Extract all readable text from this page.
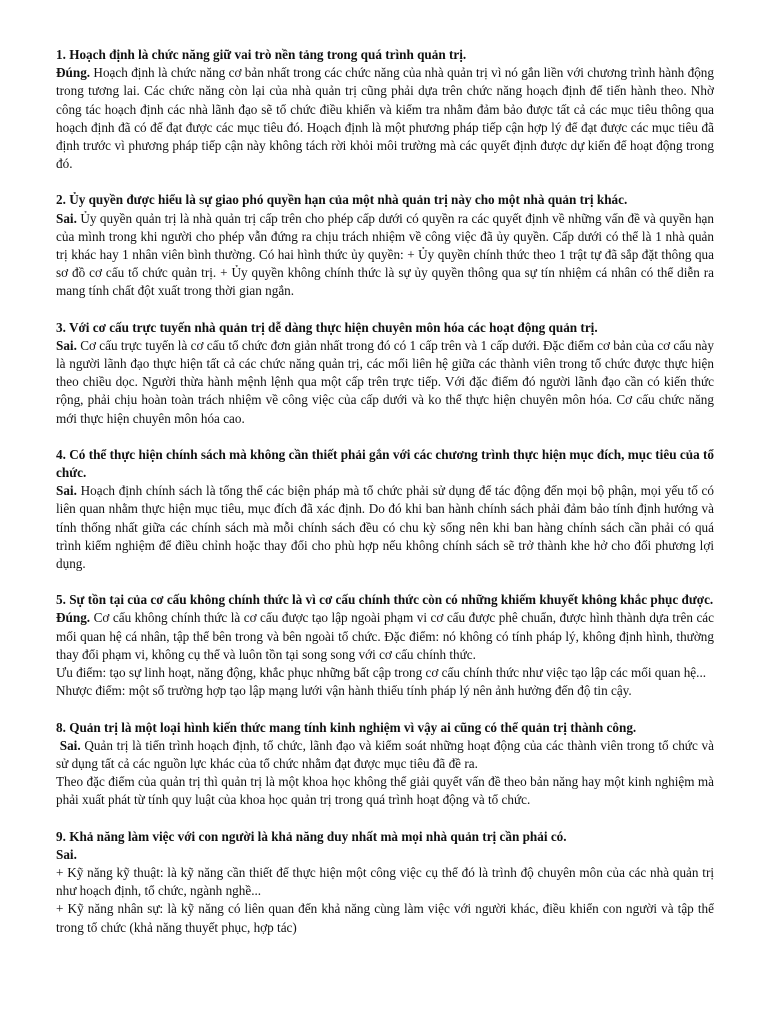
1. Hoạch định là chức năng giữ vai trò nền tảng trong quá trình quản trị.

Đúng. Hoạch định là chức năng cơ bản nhất trong các chức năng của nhà quản trị vì nó gắn liền với chương trình hành động trong tương lai. Các chức năng còn lại của nhà quản trị cũng phải dựa trên chức năng hoạch định để tiến hành theo. Nhờ công tác hoạch định các nhà lãnh đạo sẽ tổ chức điều khiển và kiểm tra nhằm đảm bảo được tất cả các mục tiêu thông qua hoạch định đã có để đạt được các mục tiêu đó. Hoạch định là một phương pháp tiếp cận hợp lý để đạt được các mục tiêu đã định trước vì phương pháp tiếp cận này không tách rời khỏi môi trường mà các quyết định được dự kiến để hoạt động trong đó.

2. Ủy quyền được hiểu là sự giao phó quyền hạn của một nhà quản trị này cho một nhà quản trị khác.

Sai. Ủy quyền quản trị là nhà quản trị cấp trên cho phép cấp dưới có quyền ra các quyết định về những vấn đề và quyền hạn của mình trong khi người cho phép vẫn đứng ra chịu trách nhiệm về công việc đã ủy quyền. Cấp dưới có thể là 1 nhà quản trị khác hay 1 nhân viên bình thường. Có hai hình thức ủy quyền: + Ủy quyền chính thức theo 1 trật tự đã sắp đặt thông qua sơ đồ cơ cấu tổ chức quản trị. + Ủy quyền không chính thức là sự ủy quyền thông qua sự tín nhiệm cá nhân có thể diễn ra mang tính chất đột xuất trong thời gian ngắn.

3. Với cơ cấu trực tuyến nhà quản trị dễ dàng thực hiện chuyên môn hóa các hoạt động quản trị.

Sai. Cơ cấu trực tuyến là cơ cấu tổ chức đơn giản nhất trong đó có 1 cấp trên và 1 cấp dưới. Đặc điểm cơ bản của cơ cấu này là người lãnh đạo thực hiện tất cả các chức năng quản trị, các mối liên hệ giữa các thành viên trong tổ chức được thực hiện theo chiều dọc. Người thừa hành mệnh lệnh qua một cấp trên trực tiếp. Với đặc điểm đó người lãnh đạo cần có kiến thức rộng, phải chịu hoàn toàn trách nhiệm về công việc của cấp dưới và ko thể thực hiện chuyên môn hóa. Cơ cấu chức năng mới thực hiện chuyên môn hóa cao.

4. Có thể thực hiện chính sách mà không cần thiết phải gắn với các chương trình thực hiện mục đích, mục tiêu của tổ chức.

Sai. Hoạch định chính sách là tổng thể các biện pháp mà tổ chức phải sử dụng để tác động đến mọi bộ phận, mọi yếu tố có liên quan nhằm thực hiện mục tiêu, mục đích đã xác định. Do đó khi ban hành chính sách phải đảm bảo tính định hướng và tính thống nhất giữa các chính sách mà mỗi chính sách đều có chu kỳ sống nên khi ban hàng chính sách cần phải có quá trình kiểm nghiệm để điều chỉnh hoặc thay đổi cho phù hợp nếu không chính sách sẽ trở thành khe hở cho đối phương lợi dụng.

5. Sự tồn tại của cơ cấu không chính thức là vì cơ cấu chính thức còn có những khiếm khuyết không khắc phục được.

Đúng. Cơ cấu không chính thức là cơ cấu được tạo lập ngoài phạm vi cơ cấu được phê chuẩn, được hình thành dựa trên các mối quan hệ cá nhân, tập thể bên trong và bên ngoài tổ chức. Đặc điểm: nó không có tính pháp lý, không định hình, thường thay đổi phạm vi, không cụ thể và luôn tồn tại song song với cơ cấu chính thức.

Ưu điểm: tạo sự linh hoạt, năng động, khắc phục những bất cập trong cơ cấu chính thức như việc tạo lập các mối quan hệ...

Nhược điểm: một số trường hợp tạo lập mạng lưới vận hành thiếu tính pháp lý nên ảnh hưởng đến độ tin cậy.

8. Quản trị là một loại hình kiến thức mang tính kinh nghiệm vì vậy ai cũng có thể quản trị thành công.

Sai. Quản trị là tiến trình hoạch định, tổ chức, lãnh đạo và kiểm soát những hoạt động của các thành viên trong tổ chức và sử dụng tất cả các nguồn lực khác của tổ chức nhằm đạt được mục tiêu đã đề ra.

Theo đặc điểm của quản trị thì quản trị là một khoa học không thể giải quyết vấn đề theo bản năng hay một kinh nghiệm mà phải xuất phát từ tính quy luật của khoa học quản trị trong quá trình hoạt động và tổ chức.

9. Khả năng làm việc với con người là khả năng duy nhất mà mọi nhà quản trị cần phải có.

Sai.

+ Kỹ năng kỹ thuật: là kỹ năng cần thiết để thực hiện một công việc cụ thể đó là trình độ chuyên môn của các nhà quản trị như hoạch định, tổ chức, ngành nghề...

+ Kỹ năng nhân sự: là kỹ năng có liên quan đến khả năng cùng làm việc với người khác, điều khiển con người và tập thể trong tổ chức (khả năng thuyết phục, hợp tác)
